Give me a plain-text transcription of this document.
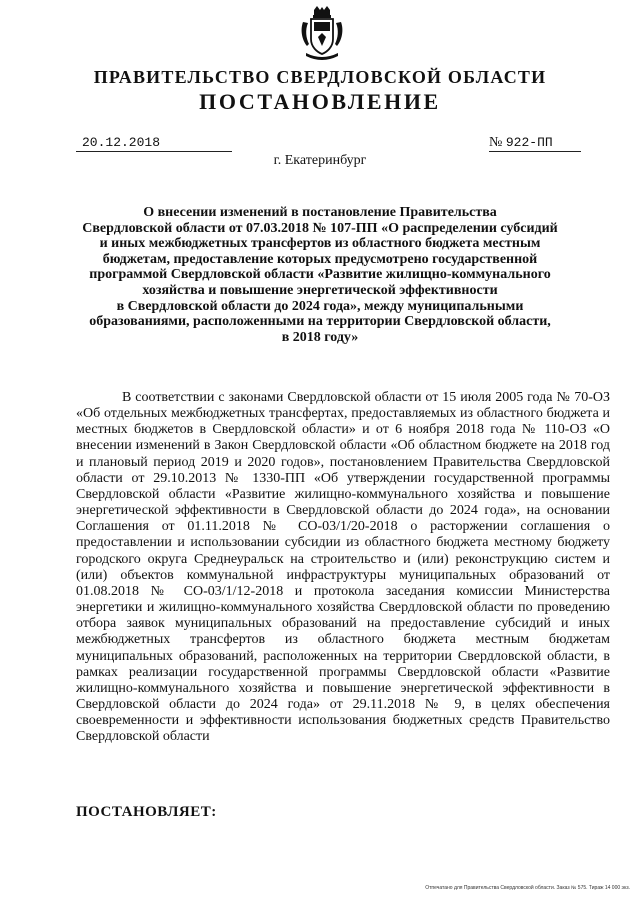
ПРАВИТЕЛЬСТВО СВЕРДЛОВСКОЙ ОБЛАСТИ
ПОСТАНОВЛЕНИЕ
20.12.2018	№ 922-ПП
г. Екатеринбург
О внесении изменений в постановление Правительства
Свердловской области от 07.03.2018 № 107-ПП «О распределении субсидий
и иных межбюджетных трансфертов из областного бюджета местным
бюджетам, предоставление которых предусмотрено государственной
программой Свердловской области «Развитие жилищно-коммунального
хозяйства и повышение энергетической эффективности
в Свердловской области до 2024 года», между муниципальными
образованиями, расположенными на территории Свердловской области,
в 2018 году»
В соответствии с законами Свердловской области от 15 июля 2005 года № 70-ОЗ «Об отдельных межбюджетных трансфертах, предоставляемых из областного бюджета и местных бюджетов в Свердловской области» и от 6 ноября 2018 года № 110-ОЗ «О внесении изменений в Закон Свердловской области «Об областном бюджете на 2018 год и плановый период 2019 и 2020 годов», постановлением Правительства Свердловской области от 29.10.2013 № 1330-ПП «Об утверждении государственной программы Свердловской области «Развитие жилищно-коммунального хозяйства и повышение энергетической эффективности в Свердловской области до 2024 года», на основании Соглашения от 01.11.2018 № СО-03/1/20-2018 о расторжении соглашения о предоставлении и использовании субсидии из областного бюджета местному бюджету городского округа Среднеуральск на строительство и (или) реконструкцию систем и (или) объектов коммунальной инфраструктуры муниципальных образований от 01.08.2018 № СО-03/1/12-2018 и протокола заседания комиссии Министерства энергетики и жилищно-коммунального хозяйства Свердловской области по проведению отбора заявок муниципальных образований на предоставление субсидий и иных межбюджетных трансфертов из областного бюджета местным бюджетам муниципальных образований, расположенных на территории Свердловской области, в рамках реализации государственной программы Свердловской области «Развитие жилищно-коммунального хозяйства и повышение энергетической эффективности в Свердловской области до 2024 года» от 29.11.2018 № 9, в целях обеспечения своевременности и эффективности использования бюджетных средств Правительство Свердловской области
ПОСТАНОВЛЯЕТ:
Отпечатано для Правительства Свердловской области. Заказ № 575. Тираж 14 000 экз.
